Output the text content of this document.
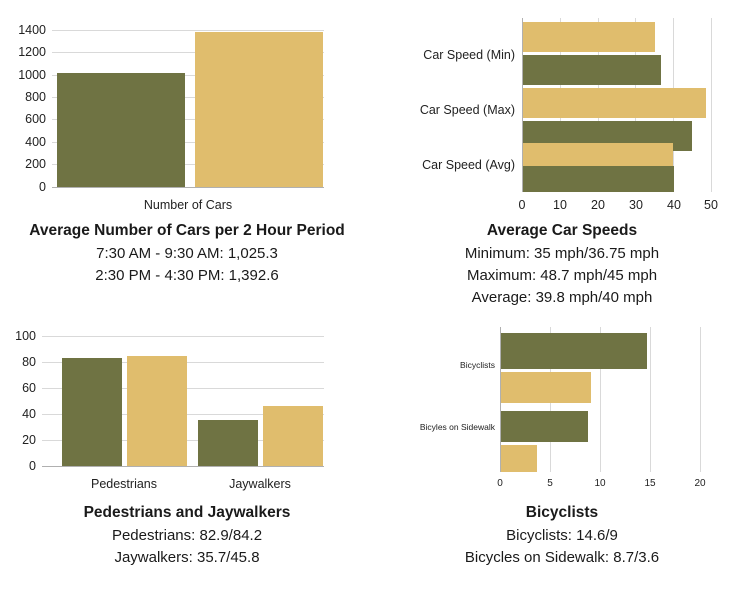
1400
1200
1000
800
600
400
200
0
Number of Cars

Average Number of Cars per 2 Hour Period

7:30 AM - 9:30 AM: 1,025.3

2:30 PM - 4:30 PM: 1,392.6

Car Speed (Min)
Car Speed (Max)
Car Speed (Avg)
0 10 20 30 40 50

Average Car Speeds

Minimum: 35 mph/36.75 mph

Maximum: 48.7 mph/45 mph

Average: 39.8 mph/40 mph

100
80
60
40
20
0
Pedestrians	Jaywalkers

Pedestrians and Jaywalkers

Pedestrians: 82.9/84.2

Jaywalkers: 35.7/45.8

Bicyclists
Bicyles on Sidewalk
0	5	10	15	20

Bicyclists

Bicyclists: 14.6/9

Bicycles on Sidewalk: 8.7/3.6
